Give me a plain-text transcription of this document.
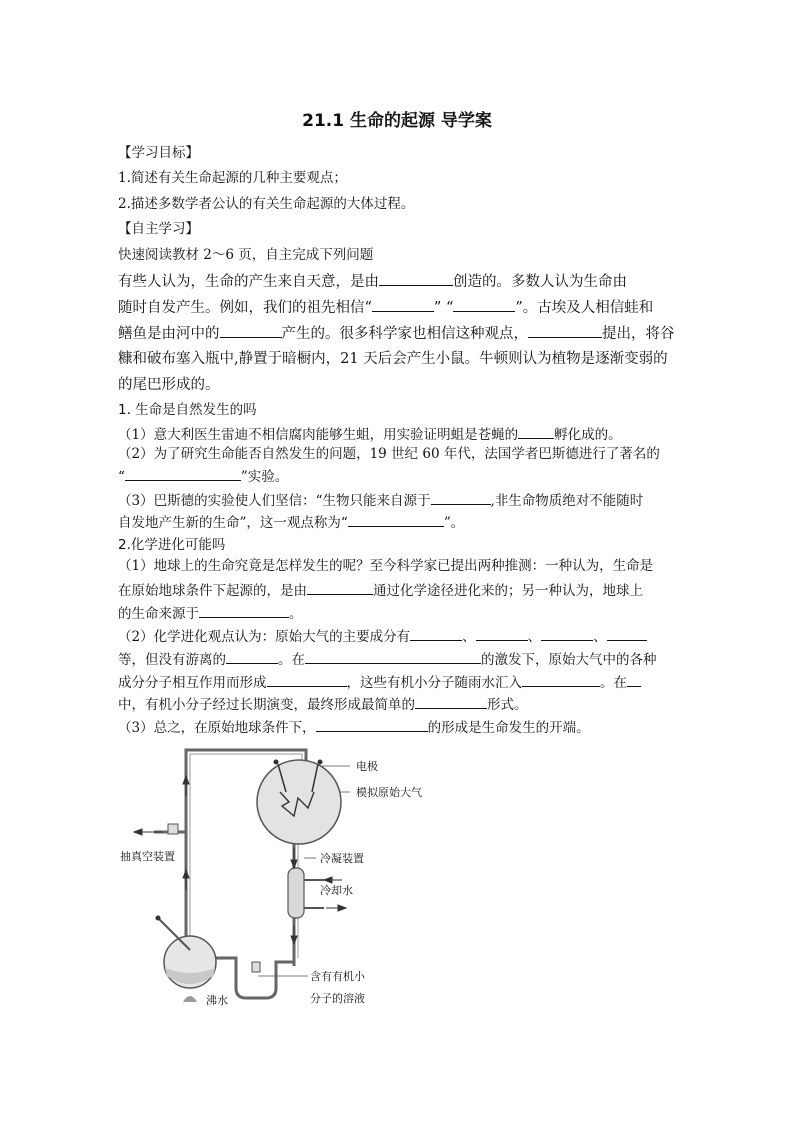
21.1 生命的起源 导学案
【学习目标】
1.简述有关生命起源的几种主要观点；
2.描述多数学者公认的有关生命起源的大体过程。
【自主学习】
快速阅读教材 2～6 页，自主完成下列问题
有些人认为，生命的产生来自天意，是由	创造的。多数人认为生命由
随时自发产生。例如，我们的祖先相信“	” “	”。古埃及人相信蛙和
鳝鱼是由河中的	产生的。很多科学家也相信这种观点，	提出，将谷
糠和破布塞入瓶中,静置于暗橱内，21 天后会产生小鼠。牛顿则认为植物是逐渐变弱的
的尾巴形成的。
1. 生命是自然发生的吗
（1）意大利医生雷迪不相信腐肉能够生蛆，用实验证明蛆是苍蝇的	孵化成的。
（2）为了研究生命能否自然发生的问题，19 世纪 60 年代，法国学者巴斯德进行了著名的
“	”实验。
（3）巴斯德的实验使人们坚信：“生物只能来自源于	,非生命物质绝对不能随时
自发地产生新的生命”，这一观点称为“	”。
2.化学进化可能吗
（1）地球上的生命究竟是怎样发生的呢？至今科学家已提出两种推测：一种认为，生命是
在原始地球条件下起源的，是由	通过化学途径进化来的；另一种认为，地球上
的生命来源于	。
（2）化学进化观点认为：原始大气的主要成分有	、	、	、
等，但没有游离的	。在	的激发下，原始大气中的各种
成分分子相互作用而形成	，这些有机小分子随雨水汇入	。在
中，有机小分子经过长期演变，最终形成最简单的	形式。
（3）总之，在原始地球条件下，	的形成是生命发生的开端。
电极
模拟原始大气
抽真空装置	冷凝装置
冷却水
含有有机小
分子的溶液
沸水
